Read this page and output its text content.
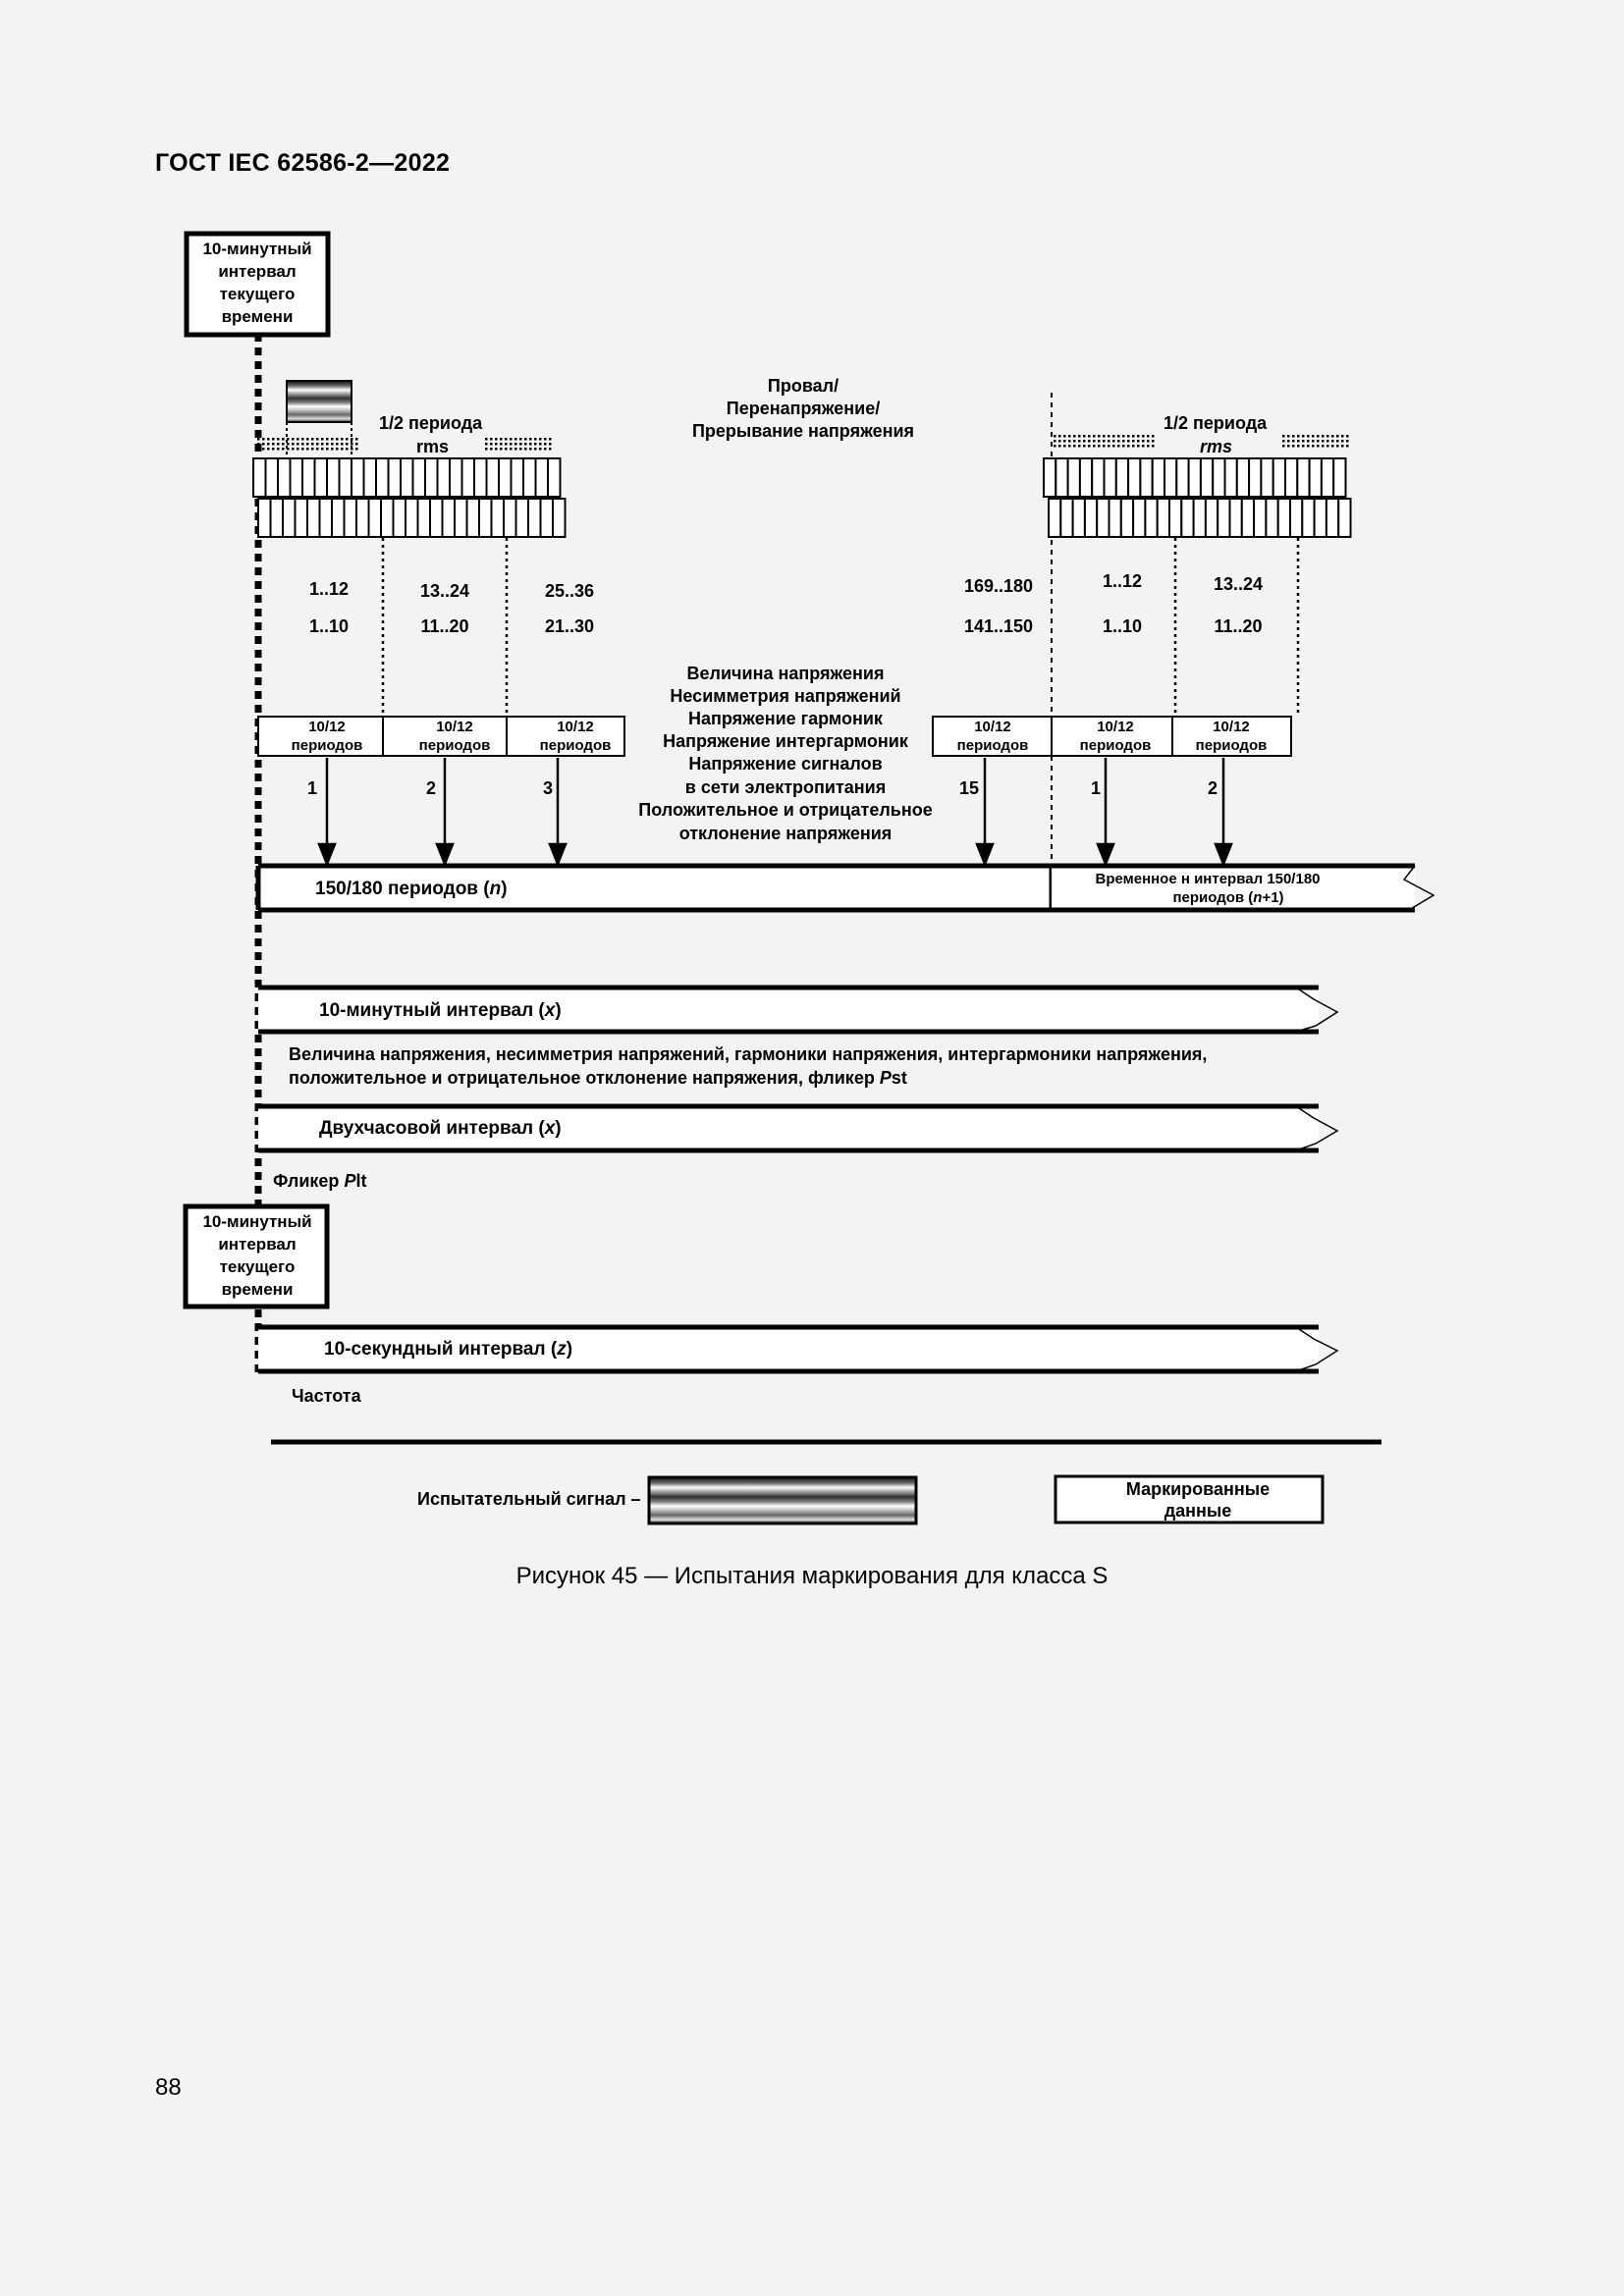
ГОСТ IEC 62586-2—2022
10-минутный
интервал
текущего
времени
1/2 периода
rms
1/2 периода
rms
Провал/
Перенапряжение/
Прерывание напряжения
1..12	13..24	25..36	169..180	1..12	13..24
1..10	11..20	21..30	141..150	1..10	11..20
Величина напряжения
Несимметрия напряжений
Напряжение гармоник
Напряжение интергармоник
Напряжение сигналов
в сети электропитания
Положительное и отрицательное
отклонение напряжения
10/12
периодов
10/12
периодов
10/12
периодов
10/12
периодов
10/12
периодов
10/12
периодов
1	2	3	15	1	2
150/180 периодов (n)	Временное н интервал 150/180
периодов (n+1)
10-минутный интервал (x)
Величина напряжения, несимметрия напряжений, гармоники напряжения, интергармоники напряжения,
положительное и отрицательное отклонение напряжения, фликер Pst
Двухчасовой интервал (x)
Фликер Plt
10-минутный
интервал
текущего
времени
10-секундный интервал (z)
Частота
Испытательный сигнал –	Маркированные
данные
Рисунок 45 — Испытания маркирования для класса S
88
